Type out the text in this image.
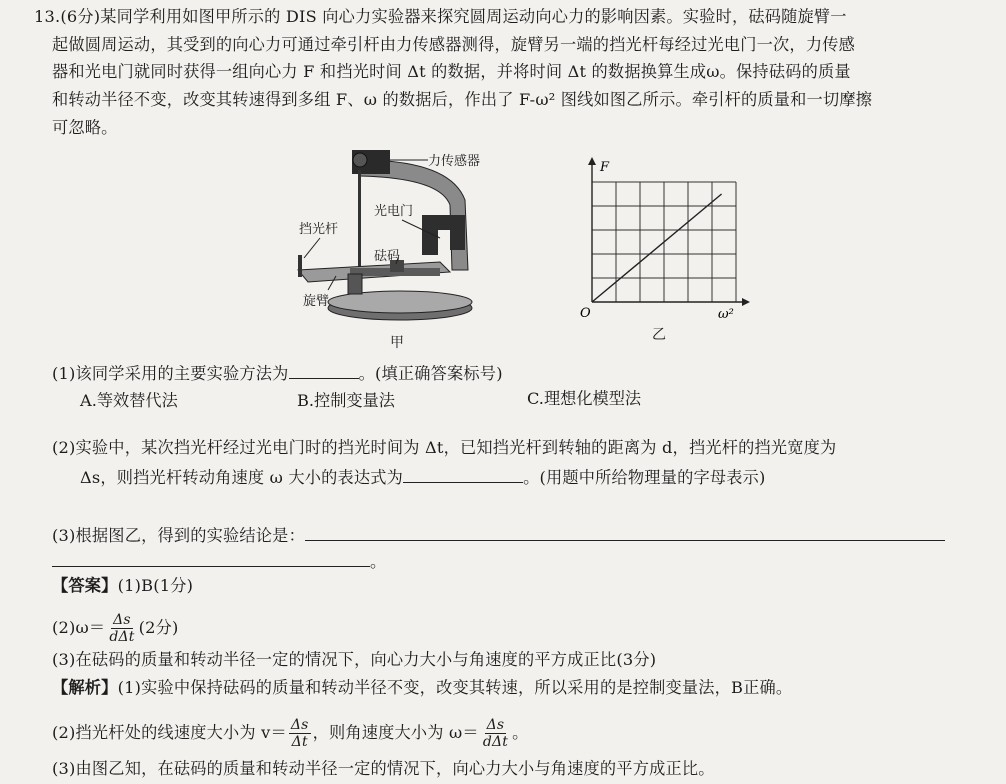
13.(6分)某同学利用如图甲所示的 DIS 向心力实验器来探究圆周运动向心力的影响因素。实验时，砝码随旋臂一
起做圆周运动，其受到的向心力可通过牵引杆由力传感器测得，旋臂另一端的挡光杆每经过光电门一次，力传感
器和光电门就同时获得一组向心力 F 和挡光时间 Δt 的数据，并将时间 Δt 的数据换算生成ω。保持砝码的质量
和转动半径不变，改变其转速得到多组 F、ω 的数据后，作出了 F-ω² 图线如图乙所示。牵引杆的质量和一切摩擦
可忽略。
力传感器
光电门
挡光杆
砝码
旋臂
甲
F
ω²
O
乙
(1)该同学采用的主要实验方法为	。(填正确答案标号)
A.等效替代法	B.控制变量法	C.理想化模型法
(2)实验中，某次挡光杆经过光电门时的挡光时间为 Δt，已知挡光杆到转轴的距离为 d，挡光杆的挡光宽度为
Δs，则挡光杆转动角速度 ω 大小的表达式为	。(用题中所给物理量的字母表示)
(3)根据图乙，得到的实验结论是：
。
【答案】(1)B(1分)
$(2)\omega= \frac{\Delta s}{\text{dΔt}} (2$分)
(3)在砝码的质量和转动半径一定的情况下，向心力大小与角速度的平方成正比(3分)
【解析】(1)实验中保持砝码的质量和转动半径不变，改变其转速，所以采用的是控制变量法，B正确。
(2)挡光杆处的线速度大小为 $v= \frac{\Delta s}{\Delta t}$ ，则角速度大小为 $\omega= \frac{\Delta s}{\text{dΔt}}$ 。
(3)由图乙知，在砝码的质量和转动半径一定的情况下，向心力大小与角速度的平方成正比。
